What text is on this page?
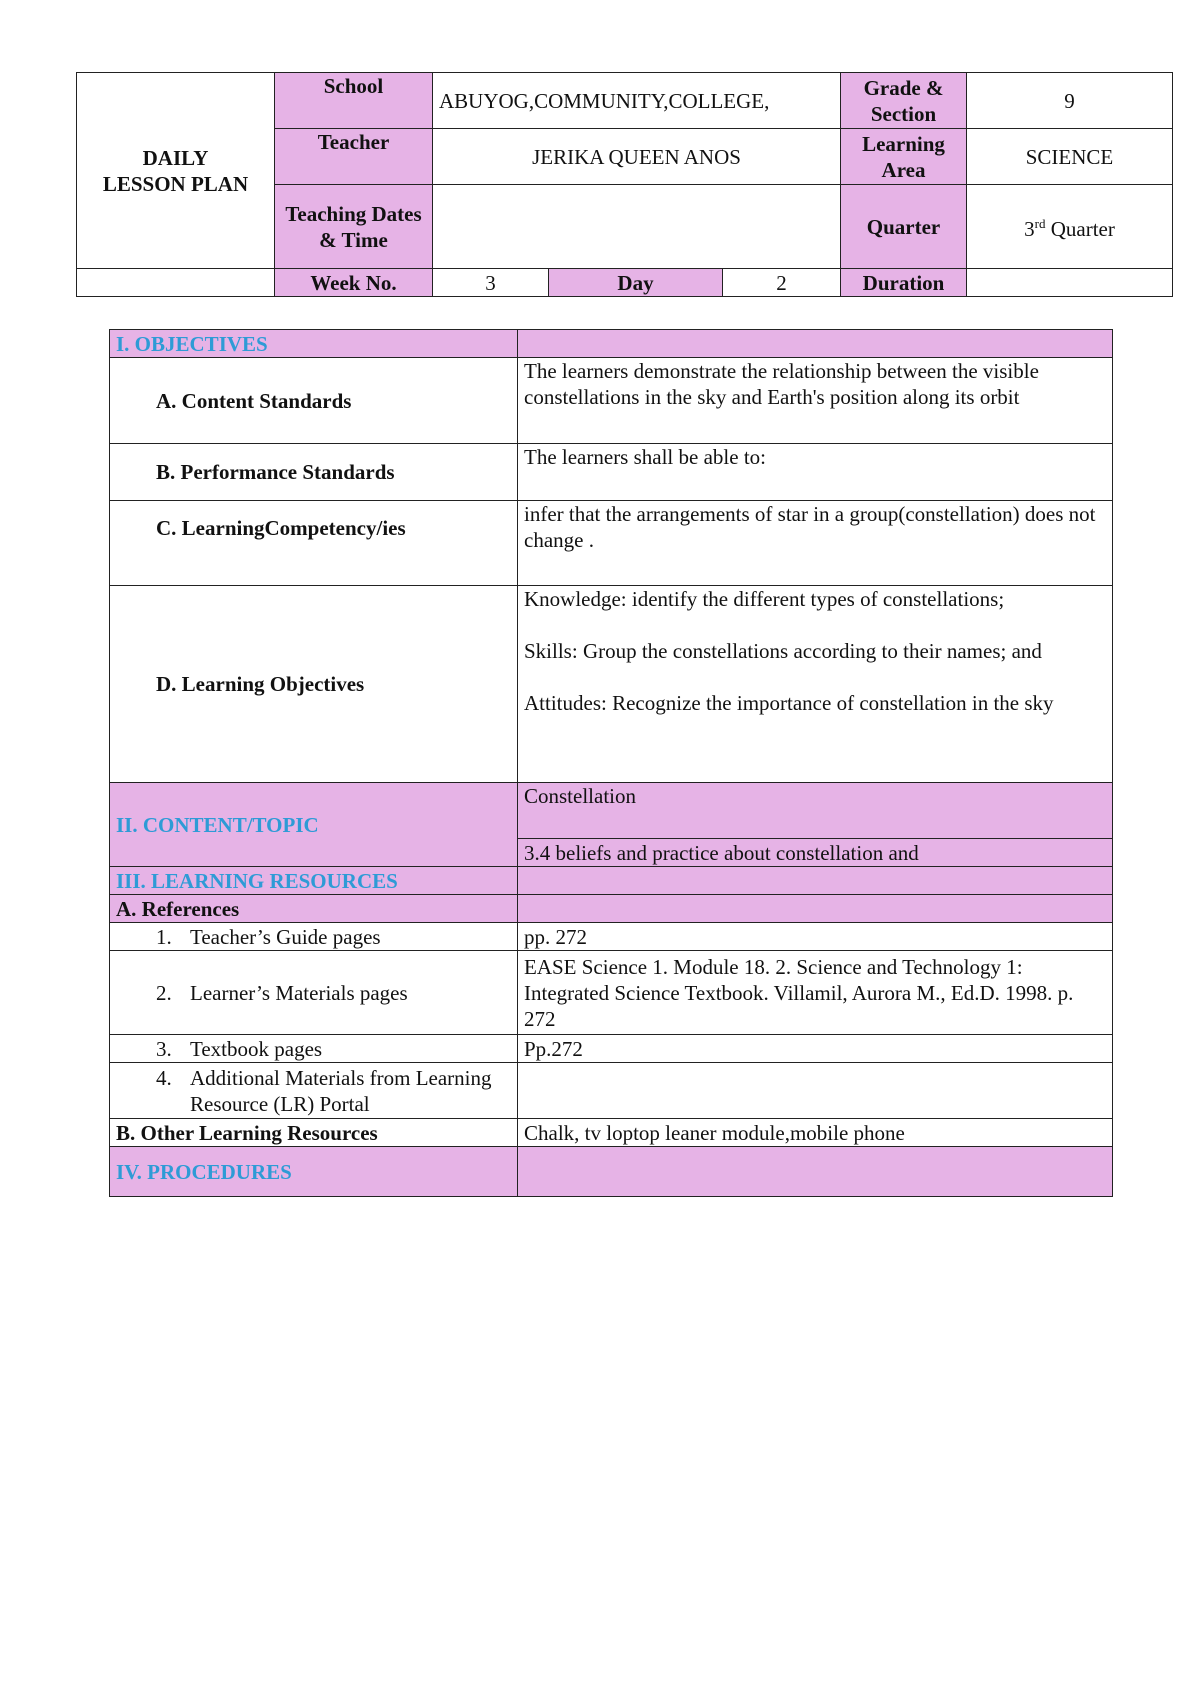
DAILY
LESSON PLAN	School	ABUYOG,COMMUNITY,COLLEGE,			Grade & Section	9
	Teacher	JERIKA QUEEN ANOS			Learning Area	SCIENCE
	Teaching Dates & Time				Quarter	3rd Quarter
	Week No.	3	Day	2	Duration	
I. OBJECTIVES	
A. Content Standards	The learners demonstrate the relationship between the visible constellations in the sky and Earth's position along its orbit
B. Performance Standards	The learners shall be able to:
C. LearningCompetency/ies	infer that the arrangements of star in a group(constellation) does not change .
D. Learning Objectives	Knowledge: identify the different types of constellations;
Skills: Group the constellations according to their names; and
Attitudes: Recognize the importance of constellation in the sky

II. CONTENT/TOPIC	Constellation
	3.4 beliefs and practice about constellation and
III. LEARNING RESOURCES	
A. References	
1. Teacher’s Guide pages	pp. 272
2. Learner’s Materials pages	EASE Science 1. Module 18. 2. Science and Technology 1: Integrated Science Textbook. Villamil, Aurora M., Ed.D. 1998. p. 272
3. Textbook pages	Pp.272

4. Additional Materials from Learning Resource (LR) Portal	

B. Other Learning Resources	Chalk, tv loptop leaner module,mobile phone
IV. PROCEDURES	
